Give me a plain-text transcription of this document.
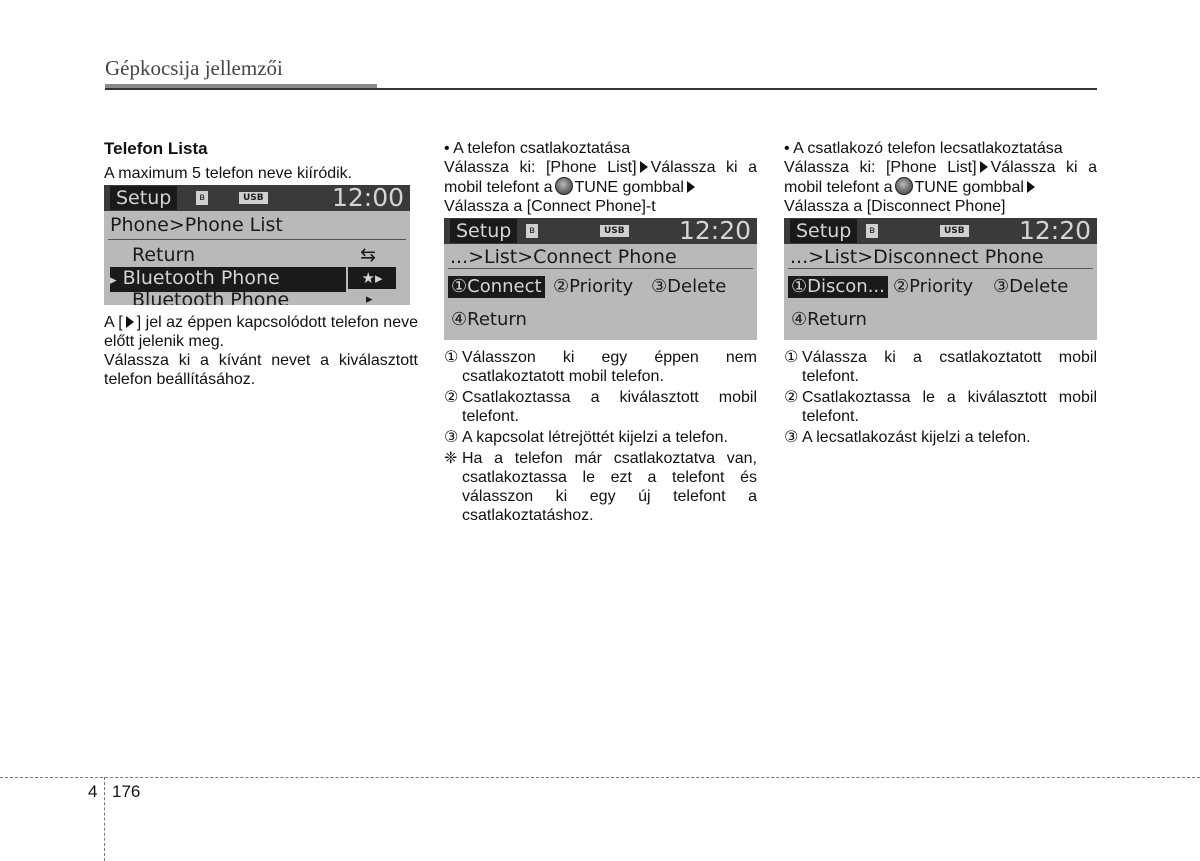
Gépkocsija jellemzői
Telefon Lista
A maximum 5 telefon neve kiíródik.
Setup	ʙ	USB	12:00
Phone>Phone List
Return	⇆
▸ Bluetooth Phone	★▸
Bluetooth Phone	▸
A [ ] jel az éppen kapcsolódott telefon neve előtt jelenik meg.
Válassza ki a kívánt nevet a kiválasztott telefon beállításához.
• A telefon csatlakoztatása
Válassza ki: [Phone List] Válassza ki a mobil telefont a TUNE gombbal
Válassza a [Connect Phone]-t
Setup	ʙ	USB 12:20
...>List>Connect Phone
①Connect ②Priority ③Delete
④Return
① Válasszon ki egy éppen nem csatlakoztatott mobil telefon.
② Csatlakoztassa a kiválasztott mobil telefont.
③ A kapcsolat létrejöttét kijelzi a telefon.
❈ Ha a telefon már csatlakoztatva van, csatlakoztassa le ezt a telefont és válasszon ki egy új telefont a csatlakoztatáshoz.
• A csatlakozó telefon lecsatlakoztatása
Válassza ki: [Phone List] Válassza ki a mobil telefont a TUNE gombbal
Válassza a [Disconnect Phone]
Setup	ʙ	USB 12:20
...>List>Disconnect Phone
①Discon... ②Priority ③Delete
④Return
① Válassza ki a csatlakoztatott mobil telefont.
② Csatlakoztassa le a kiválasztott mobil telefont.
③ A lecsatlakozást kijelzi a telefon.
4 176
